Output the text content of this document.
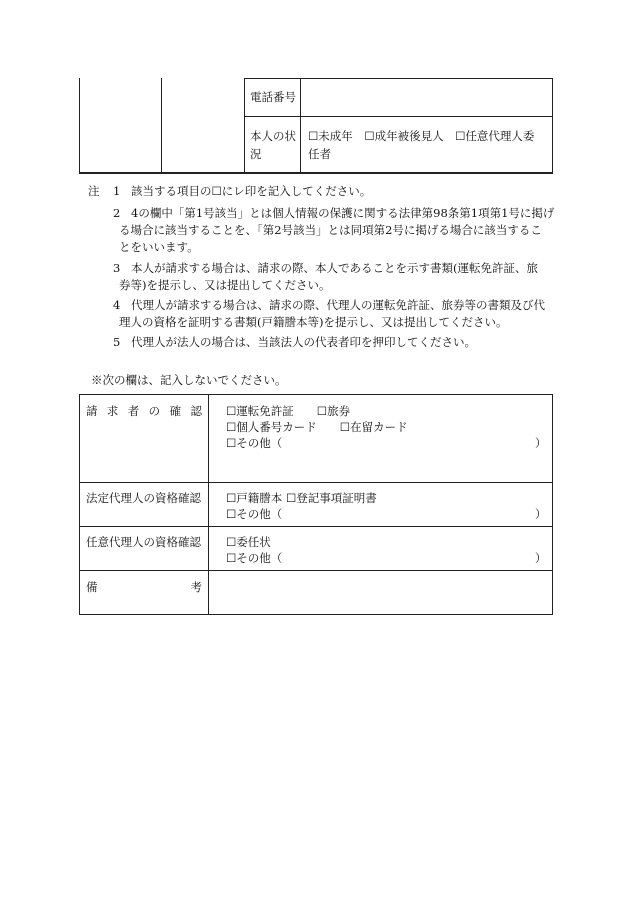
電話番号
本人の状
況
☐未成年　☐成年被後見人　☐任意代理人委
任者
注 1 該当する項目の☐にレ印を記入してください。
2 4の欄中「第1号該当」とは個人情報の保護に関する法律第98条第1項第1号に掲げ
る場合に該当することを、「第2号該当」とは同項第2号に掲げる場合に該当するこ
とをいいます。
3 本人が請求する場合は、請求の際、本人であることを示す書類(運転免許証、旅
券等)を提示し、又は提出してください。
4 代理人が請求する場合は、請求の際、代理人の運転免許証、旅券等の書類及び代
理人の資格を証明する書類(戸籍謄本等)を提示し、又は提出してください。
5 代理人が法人の場合は、当該法人の代表者印を押印してください。
※次の欄は、記入しないでください。
請 求 者 の 確 認 ☐運転免許証　　☐旅券
☐個人番号カード　　☐在留カード
☐その他（	）
法定代理人の資格確認 ☐戸籍謄本 ☐登記事項証明書
☐その他（	）
任意代理人の資格確認 ☐委任状
☐その他（	）
備	考
